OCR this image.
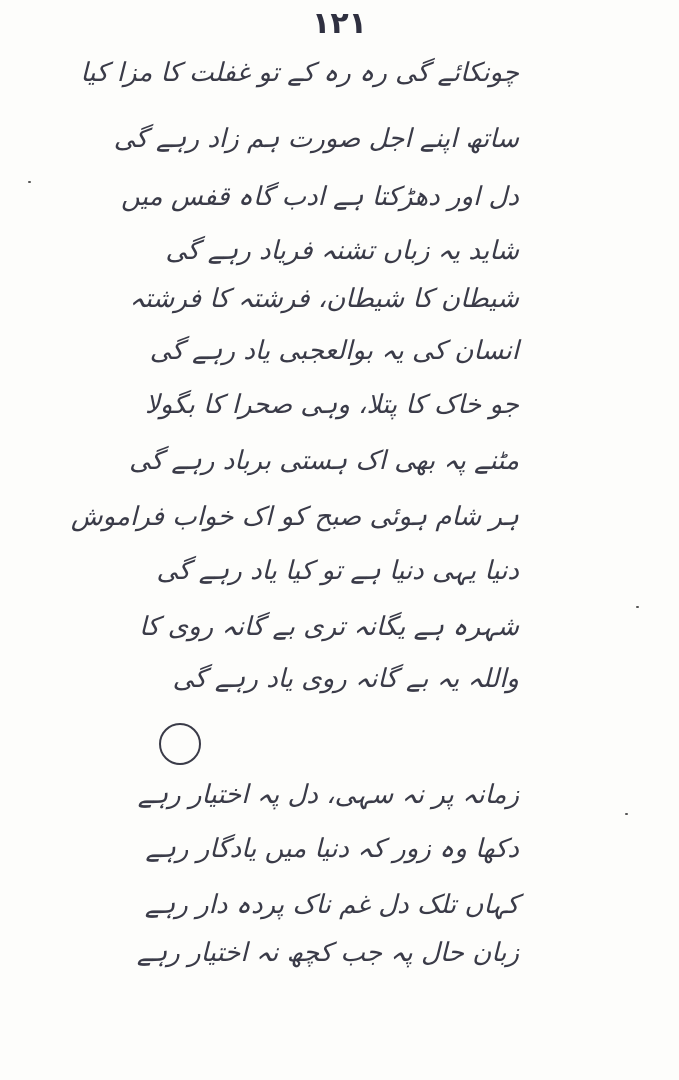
۱۲۱
چونکائے گی رہ رہ کے تو غفلت کا مزا کیا
ساتھ اپنے اجل صورت ہم زاد رہے گی
دل اور دھڑکتا ہے ادب گاہ قفس میں
شاید یہ زباں تشنہ فریاد رہے گی
شیطان کا شیطان، فرشتہ کا فرشتہ
انسان کی یہ بوالعجبی یاد رہے گی
جو خاک کا پتلا، وہی صحرا کا بگولا
مٹنے پہ بھی اک ہستی برباد رہے گی
ہر شام ہوئی صبح کو اک خواب فراموش
دنیا یہی دنیا ہے تو کیا یاد رہے گی
شہرہ ہے یگانہ تری بے گانہ روی کا
واللہ یہ بے گانہ روی یاد رہے گی
زمانہ پر نہ سہی، دل پہ اختیار رہے
دکھا وہ زور کہ دنیا میں یادگار رہے
کہاں تلک دل غم ناک پردہ دار رہے
زبان حال پہ جب کچھ نہ اختیار رہے
